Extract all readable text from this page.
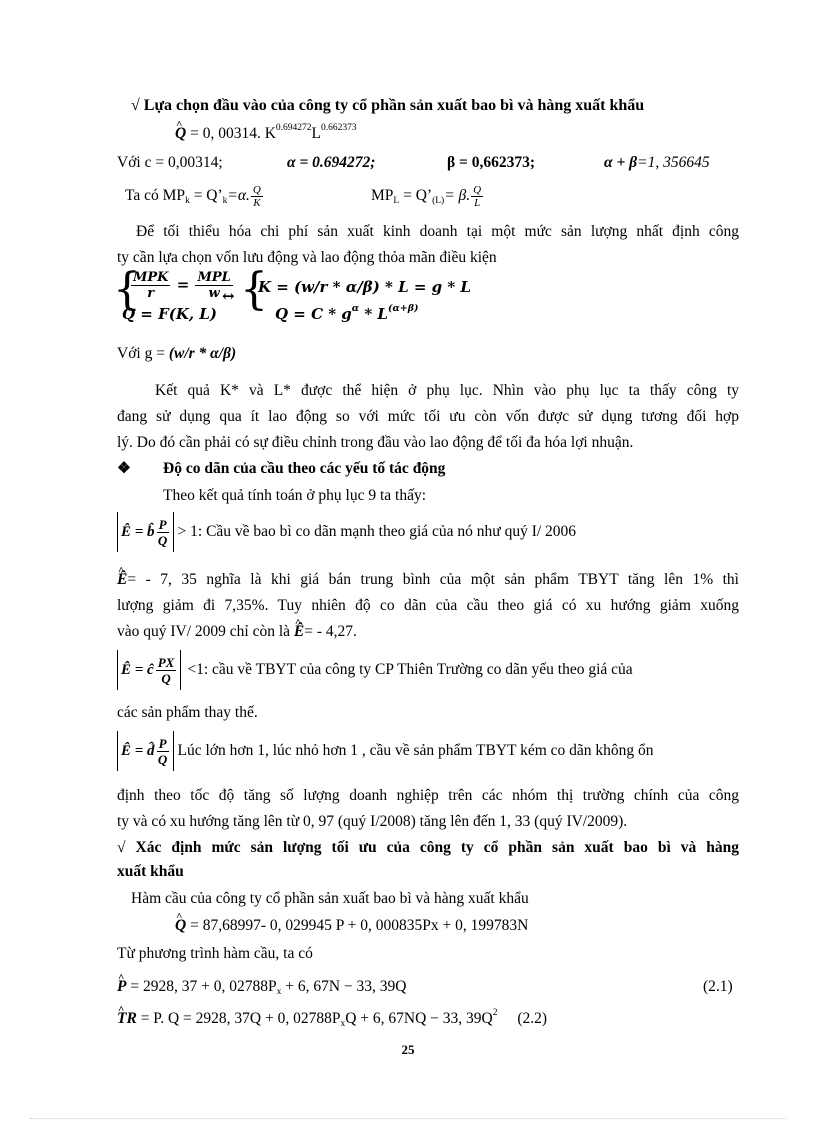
√ Lựa chọn đầu vào của công ty cổ phần sản xuất bao bì và hàng xuất khẩu
^ Q = 0, 00314. $K^{0.694272}L^{0.662373}$
Với c = 0,00314;	α = 0.694272;	β = 0,662373;	α + β=1, 356645
Ta có $MP_k$ = $Q’_k=\alpha$. $\frac{Q}{K}$	$MP_L$ = $Q’_{(L)}= \beta$. $\frac{Q}{L}$
Để tối thiểu hóa chi phí sản xuất kinh doanh tại một mức sản lượng nhất định công
ty cần lựa chọn vốn lưu động và lao động thỏa mãn điều kiện
{
$\frac{\text{MPK}}{r} = \frac{\text{MPL}}{w}$
Q = F(K, L)
↔ {
K = (w/r * α/β) * L = g * L
$Q = C * g^\alpha * L^{(\alpha+\beta)}$
Với g = (w/r * α/β)
Kết quả K* và L* được thể hiện ở phụ lục. Nhìn vào phụ lục ta thấy công ty
đang sử dụng qua ít lao động so với mức tối ưu còn vốn được sử dụng tương đối hợp
lý. Do đó cần phải có sự điều chỉnh trong đầu vào lao động để tối đa hóa lợi nhuận.
❖ Độ co dãn của cầu theo các yếu tố tác động
Theo kết quả tính toán ở phụ lục 9 ta thấy:
Ê = b̂ $\frac{P}{Q} > 1$: Cầu về bao bì co dãn mạnh theo giá của nó như quý I/ 2006
^ Ê= - 7, 35 nghĩa là khi giá bán trung bình của một sản phẩm TBYT tăng lên 1% thì
lượng giảm đi 7,35%. Tuy nhiên độ co dãn của cầu theo giá có xu hướng giảm xuống
vào quý IV/ 2009 chỉ còn là ^ Ê= - 4,27.
Ê = ĉ $\frac{PX}{Q} <1$: cầu về TBYT của công ty CP Thiên Trường co dãn yếu theo giá của
các sản phẩm thay thế.
Ê = d̂ $\frac{P}{Q}$ Lúc lớn hơn 1, lúc nhỏ hơn 1 , cầu về sản phẩm TBYT kém co dãn không ổn
định theo tốc độ tăng số lượng doanh nghiệp trên các nhóm thị trường chính của công
ty và có xu hướng tăng lên từ 0, 97 (quý I/2008) tăng lên đến 1, 33 (quý IV/2009).
√ Xác định mức sản lượng tối ưu của công ty cổ phần sản xuất bao bì và hàng
xuất khẩu
Hàm cầu của công ty cổ phần sản xuất bao bì và hàng xuất khẩu
^ Q = 87,68997- 0, 029945 P + 0, 000835Px + 0, 199783N
Từ phương trình hàm cầu, ta có
^ P = 2928, 37 + 0, $02788P_x + 6$, 67N − 33, 39Q	(2.1)
^ TR = P. Q = 2928, 37Q + 0, $02788P_xQ + 6$, 67NQ − 33, $39Q^2$ (2.2)
25
